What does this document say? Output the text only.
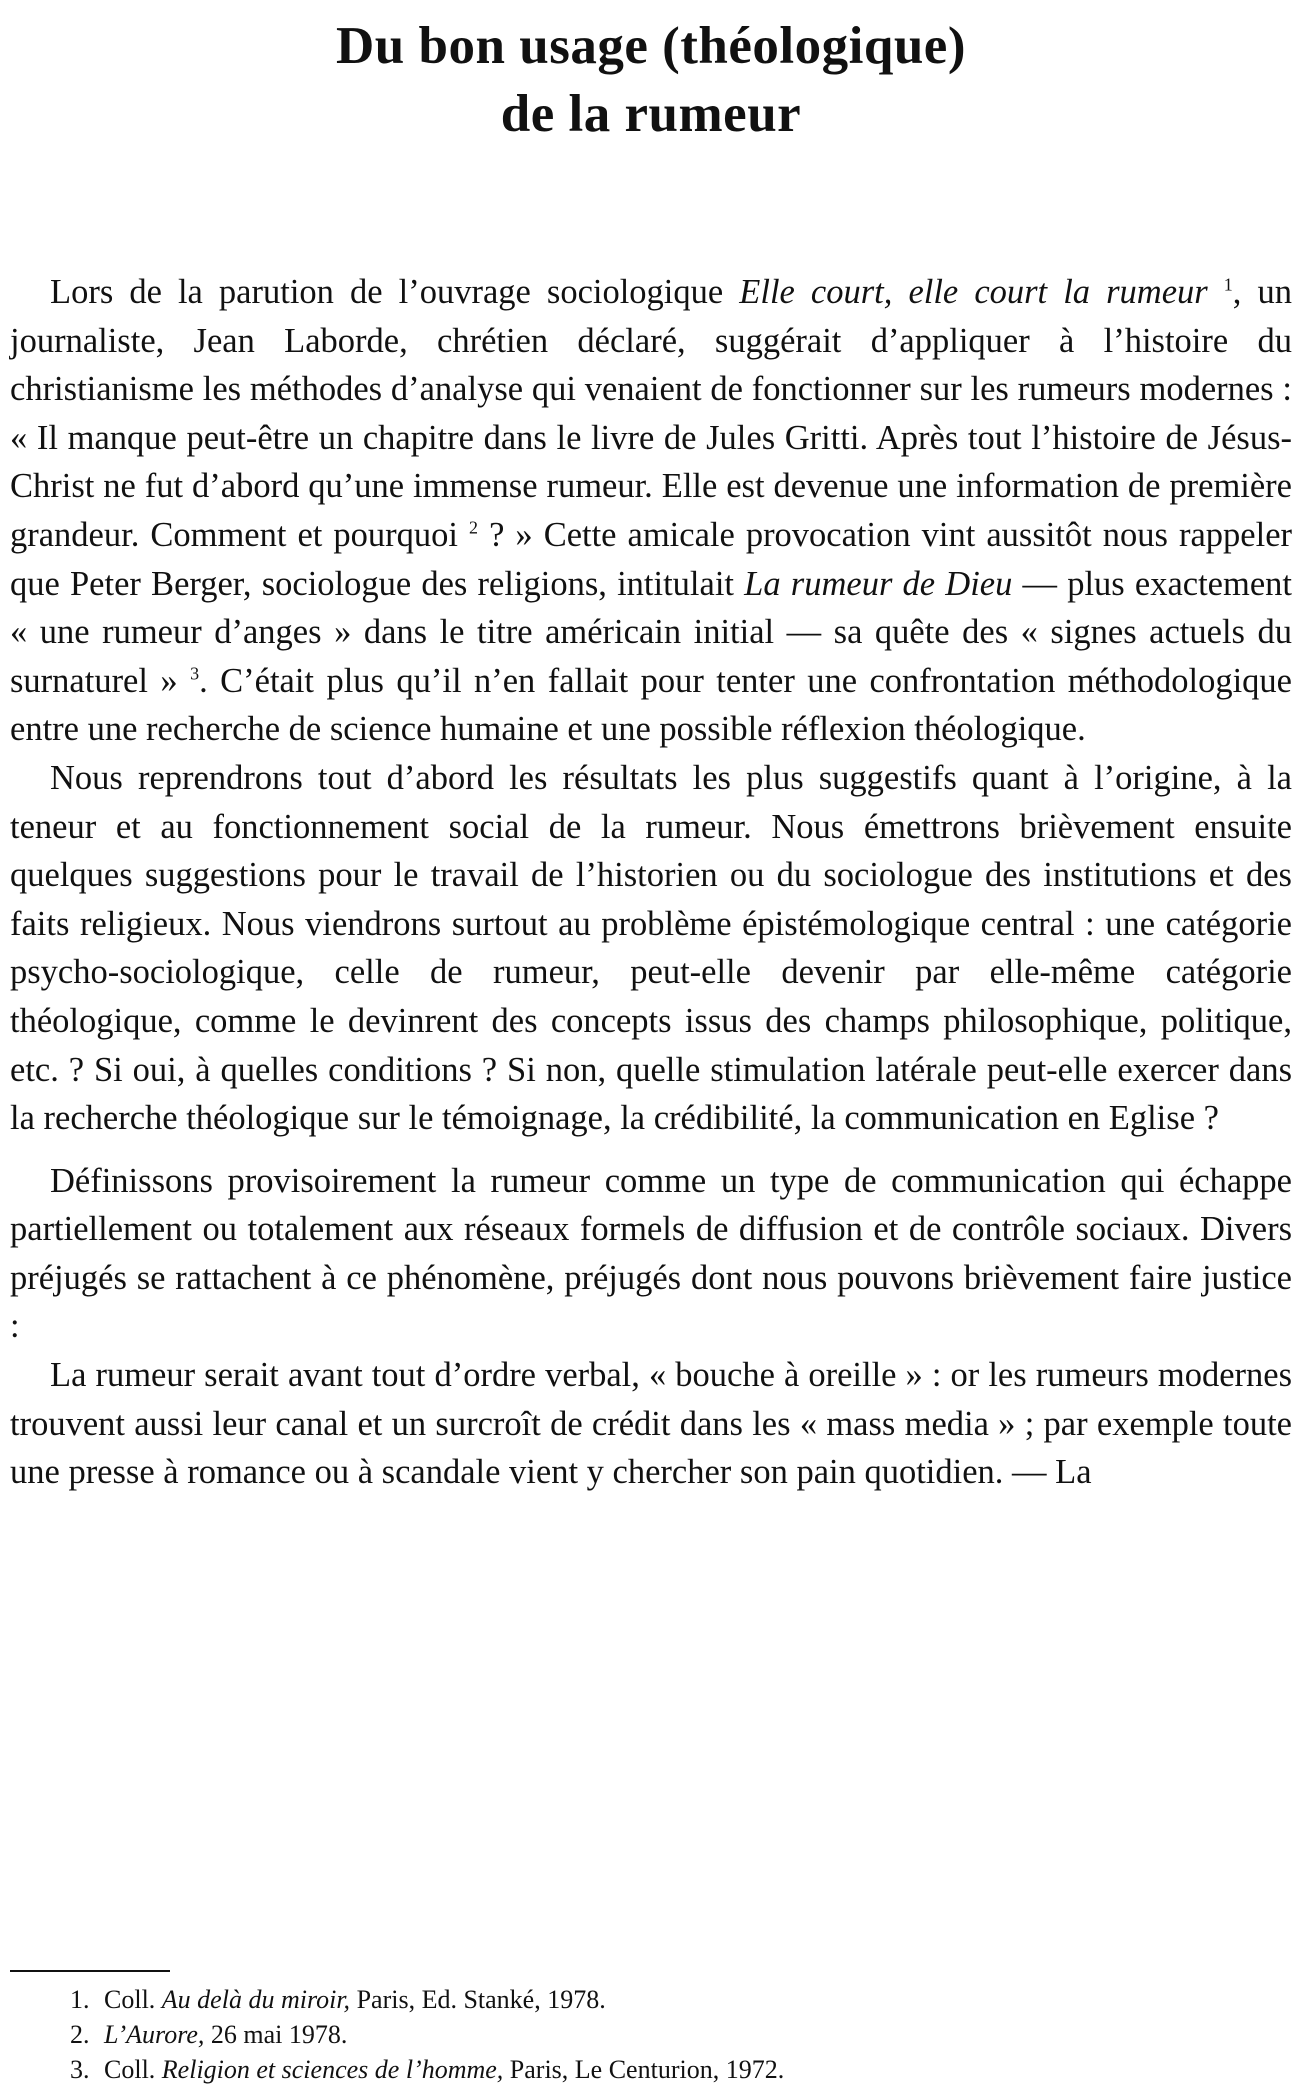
Du bon usage (théologique)
de la rumeur

Lors de la parution de l’ouvrage sociologique Elle court, elle court la rumeur $^1$, un journaliste, Jean Laborde, chrétien déclaré, suggérait d’appliquer à l’histoire du christianisme les méthodes d’analyse qui venaient de fonctionner sur les rumeurs modernes : « Il manque peut-être un chapitre dans le livre de Jules Gritti. Après tout l’histoire de Jésus-Christ ne fut d’abord qu’une immense rumeur. Elle est devenue une information de première grandeur. Comment et pourquoi $^2$ ? » Cette amicale provocation vint aussitôt nous rappeler que Peter Berger, sociologue des religions, intitulait La rumeur de Dieu — plus exactement « une rumeur d’anges » dans le titre américain initial — sa quête des « signes actuels du surnaturel » $^3$. C’était plus qu’il n’en fallait pour tenter une confrontation méthodologique entre une recherche de science humaine et une possible réflexion théologique.

Nous reprendrons tout d’abord les résultats les plus suggestifs quant à l’origine, à la teneur et au fonctionnement social de la rumeur. Nous émettrons brièvement ensuite quelques suggestions pour le travail de l’historien ou du sociologue des institutions et des faits religieux. Nous viendrons surtout au problème épistémologique central : une catégorie psycho-sociologique, celle de rumeur, peut-elle devenir par elle-même catégorie théologique, comme le devinrent des concepts issus des champs philosophique, politique, etc. ? Si oui, à quelles conditions ? Si non, quelle stimulation latérale peut-elle exercer dans la recherche théologique sur le témoignage, la crédibilité, la communication en Eglise ?

Définissons provisoirement la rumeur comme un type de communication qui échappe partiellement ou totalement aux réseaux formels de diffusion et de contrôle sociaux. Divers préjugés se rattachent à ce phénomène, préjugés dont nous pouvons brièvement faire justice :

La rumeur serait avant tout d’ordre verbal, « bouche à oreille » : or les rumeurs modernes trouvent aussi leur canal et un surcroît de crédit dans les « mass media » ; par exemple toute une presse à romance ou à scandale vient y chercher son pain quotidien. — La

1. Coll. Au delà du miroir, Paris, Ed. Stanké, 1978.
2. L’Aurore, 26 mai 1978.
3. Coll. Religion et sciences de l’homme, Paris, Le Centurion, 1972.
